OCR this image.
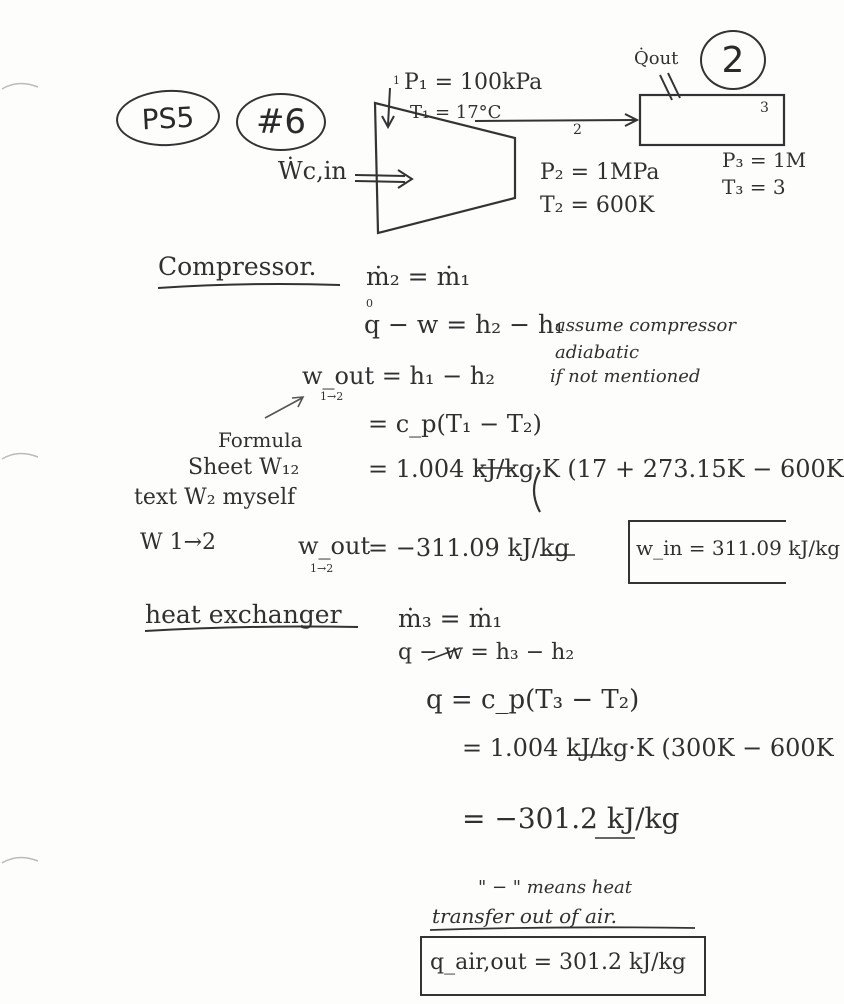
PS5	#6
2
1 P₁ = 100kPa
T₁ = 17°C
Ẇc,in
2
P₂ = 1MPa
T₂ = 600K
Q̇out
3
P₃ = 1M
T₃ = 3
Compressor. ṁ₂ = ṁ₁
0
q − w = h₂ − h₁
assume compressor
adiabatic
if not mentioned
w_out = h₁ − h₂
1→2
= c_p(T₁ − T₂)
Formula
Sheet W₁₂
text W₂ myself
= 1.004 kJ/kg·K (17 + 273.15K − 600K
W 1→2	w_out
1→2
= −311.09 kJ/kg	w_in = 311.09 kJ/kg
heat exchanger ṁ₃ = ṁ₁
q − w = h₃ − h₂
q = c_p(T₃ − T₂)
= 1.004 kJ/kg·K (300K − 600K
= −301.2 kJ/kg
" − " means heat
transfer out of air.
q_air,out = 301.2 kJ/kg
